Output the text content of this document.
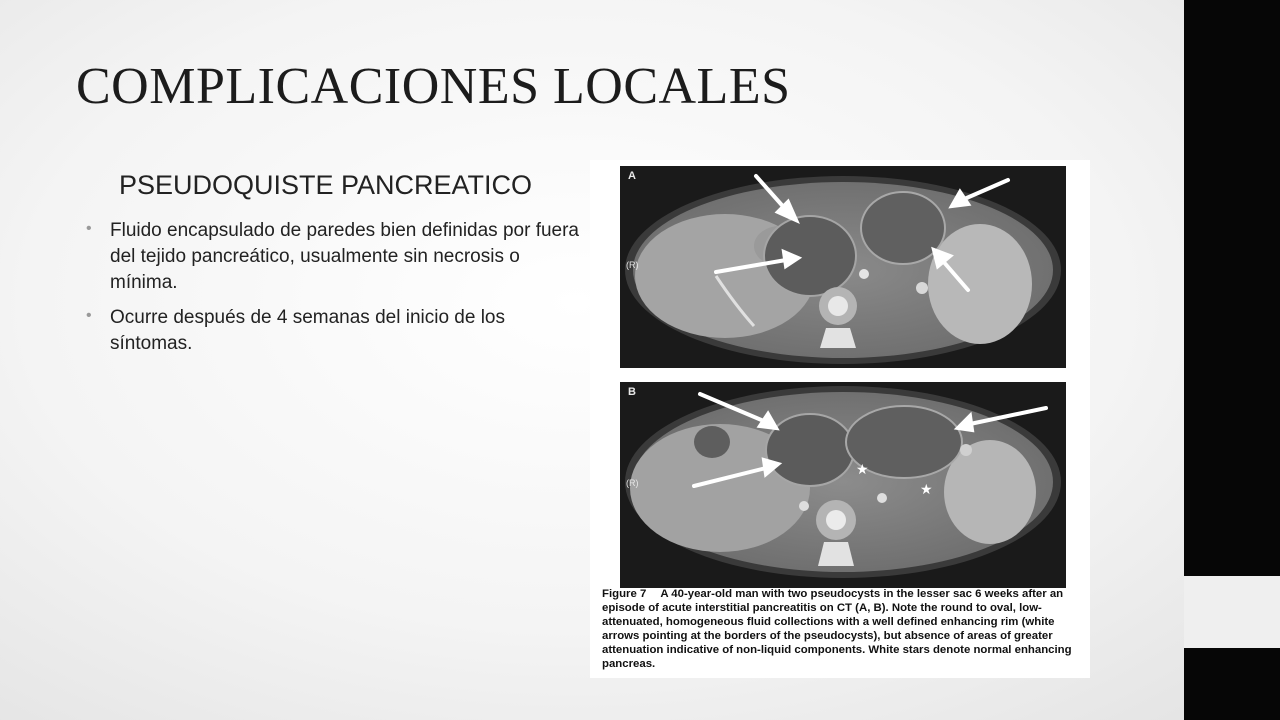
COMPLICACIONES LOCALES
PSEUDOQUISTE PANCREATICO
• Fluido encapsulado de paredes bien definidas por fuera del tejido pancreático, usualmente sin necrosis o mínima.
• Ocurre después de 4 semanas del inicio de los síntomas.
A
(R)
★
★
B
(R)
Figure 7 A 40-year-old man with two pseudocysts in the lesser sac 6 weeks after an episode of acute interstitial pancreatitis on CT (A, B). Note the round to oval, low-attenuated, homogeneous fluid collections with a well defined enhancing rim (white arrows pointing at the borders of the pseudocysts), but absence of areas of greater attenuation indicative of non-liquid components. White stars denote normal enhancing pancreas.
